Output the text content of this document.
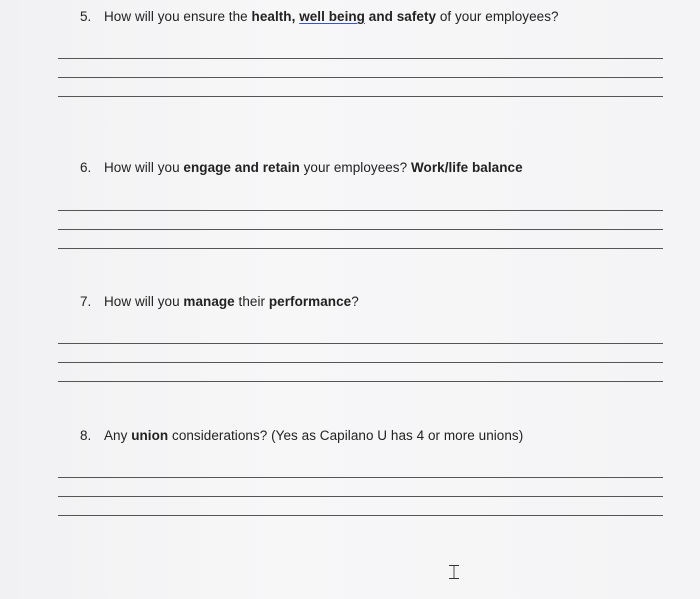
5. How will you ensure the health, well being and safety of your employees?
6. How will you engage and retain your employees? Work/life balance
7. How will you manage their performance?
8. Any union considerations? (Yes as Capilano U has 4 or more unions)
⌶
